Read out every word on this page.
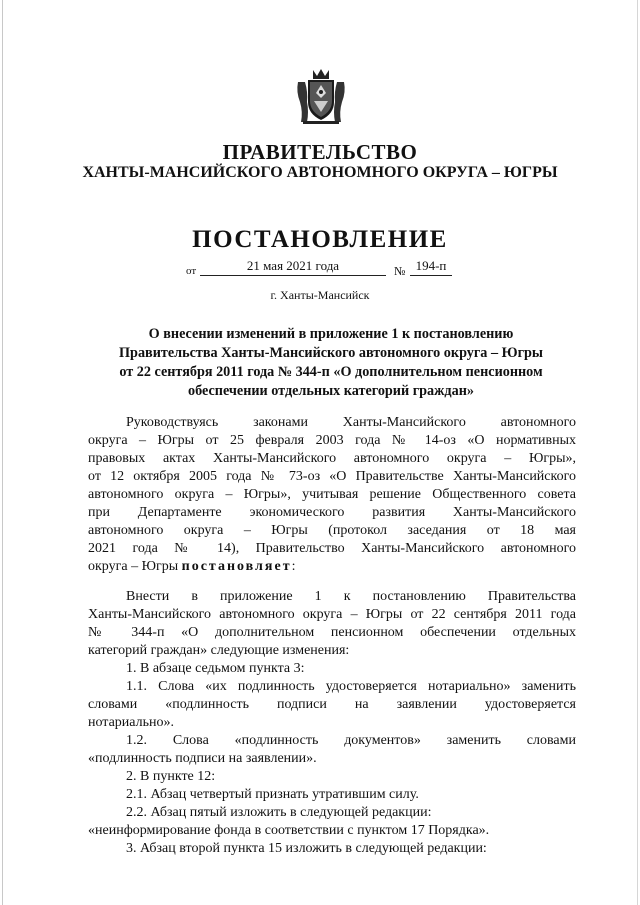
ПРАВИТЕЛЬСТВО
ХАНТЫ-МАНСИЙСКОГО АВТОНОМНОГО ОКРУГА – ЮГРЫ
ПОСТАНОВЛЕНИЕ
от	21 мая 2021 года	№ 194-п
г. Ханты-Мансийск
О внесении изменений в приложение 1 к постановлению
Правительства Ханты-Мансийского автономного округа – Югры
от 22 сентября 2011 года № 344-п «О дополнительном пенсионном
обеспечении отдельных категорий граждан»
Руководствуясь законами Ханты-Мансийского автономного
округа – Югры от 25 февраля 2003 года № 14-оз «О нормативных
правовых актах Ханты-Мансийского автономного округа – Югры»,
от 12 октября 2005 года № 73-оз «О Правительстве Ханты-Мансийского
автономного округа – Югры», учитывая решение Общественного совета
при Департаменте экономического развития Ханты-Мансийского
автономного округа – Югры (протокол заседания от 18 мая
2021 года № 14), Правительство Ханты-Мансийского автономного
округа – Югры постановляет:
Внести в приложение 1 к постановлению Правительства
Ханты-Мансийского автономного округа – Югры от 22 сентября 2011 года
№ 344-п «О дополнительном пенсионном обеспечении отдельных
категорий граждан» следующие изменения:
1. В абзаце седьмом пункта 3:
1.1. Слова «их подлинность удостоверяется нотариально» заменить
словами «подлинность подписи на заявлении удостоверяется
нотариально».
1.2. Слова «подлинность документов» заменить словами
«подлинность подписи на заявлении».
2. В пункте 12:
2.1. Абзац четвертый признать утратившим силу.
2.2. Абзац пятый изложить в следующей редакции:
«неинформирование фонда в соответствии с пунктом 17 Порядка».
3. Абзац второй пункта 15 изложить в следующей редакции:
